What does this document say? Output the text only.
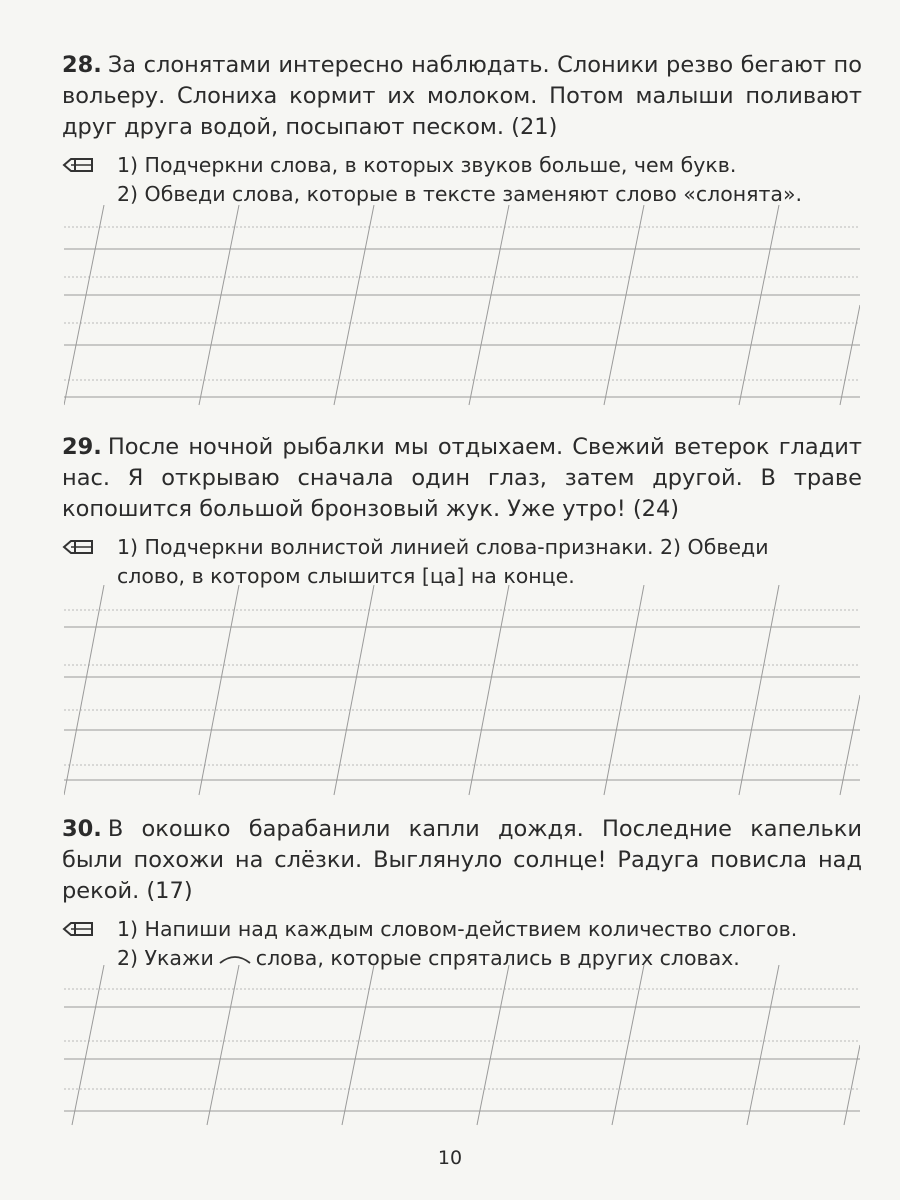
28. За слонятами интересно наблюдать. Слоники резво бегают по вольеру. Слониха кормит их молоком. Потом малыши поливают друг друга водой, посыпают песком. (21)

1) Подчеркни слова, в которых звуков больше, чем букв.
2) Обведи слова, которые в тексте заменяют слово «слонята».

29. После ночной рыбалки мы отдыхаем. Свежий ветерок гладит нас. Я открываю сначала один глаз, затем другой. В траве копошится большой бронзовый жук. Уже утро! (24)

1) Подчеркни волнистой линией слова-признаки. 2) Обведи
слово, в котором слышится [ца] на конце.

30. В окошко барабанили капли дождя. Последние капельки были похожи на слёзки. Выглянуло солнце! Радуга повисла над рекой. (17)

1) Напиши над каждым словом-действием количество слогов.
2) Укажи слова, которые спрятались в других словах.
10
